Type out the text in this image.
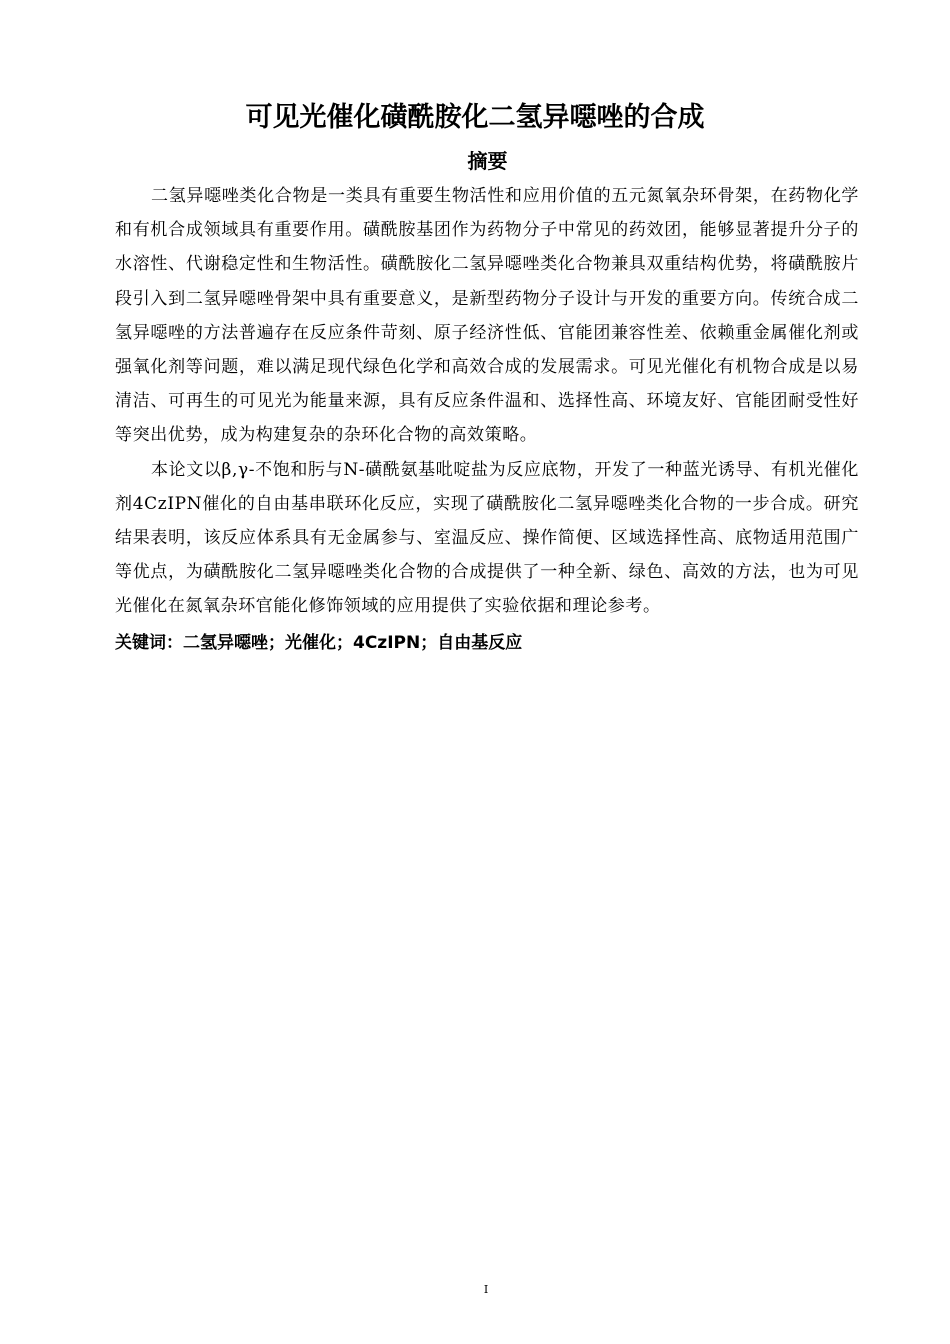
可见光催化磺酰胺化二氢异噁唑的合成
摘要

二氢异噁唑类化合物是一类具有重要生物活性和应用价值的五元氮氧杂环骨架，在药物化学和有机合成领域具有重要作用。磺酰胺基团作为药物分子中常见的药效团，能够显著提升分子的水溶性、代谢稳定性和生物活性。磺酰胺化二氢异噁唑类化合物兼具双重结构优势，将磺酰胺片段引入到二氢异噁唑骨架中具有重要意义，是新型药物分子设计与开发的重要方向。传统合成二氢异噁唑的方法普遍存在反应条件苛刻、原子经济性低、官能团兼容性差、依赖重金属催化剂或强氧化剂等问题，难以满足现代绿色化学和高效合成的发展需求。可见光催化有机物合成是以易清洁、可再生的可见光为能量来源，具有反应条件温和、选择性高、环境友好、官能团耐受性好等突出优势，成为构建复杂的杂环化合物的高效策略。

本论文以β,γ-不饱和肟与N-磺酰氨基吡啶盐为反应底物，开发了一种蓝光诱导、有机光催化剂4CzIPN催化的自由基串联环化反应，实现了磺酰胺化二氢异噁唑类化合物的一步合成。研究结果表明，该反应体系具有无金属参与、室温反应、操作简便、区域选择性高、底物适用范围广等优点，为磺酰胺化二氢异噁唑类化合物的合成提供了一种全新、绿色、高效的方法，也为可见光催化在氮氧杂环官能化修饰领域的应用提供了实验依据和理论参考。

关键词：二氢异噁唑；光催化；4CzIPN；自由基反应

I
